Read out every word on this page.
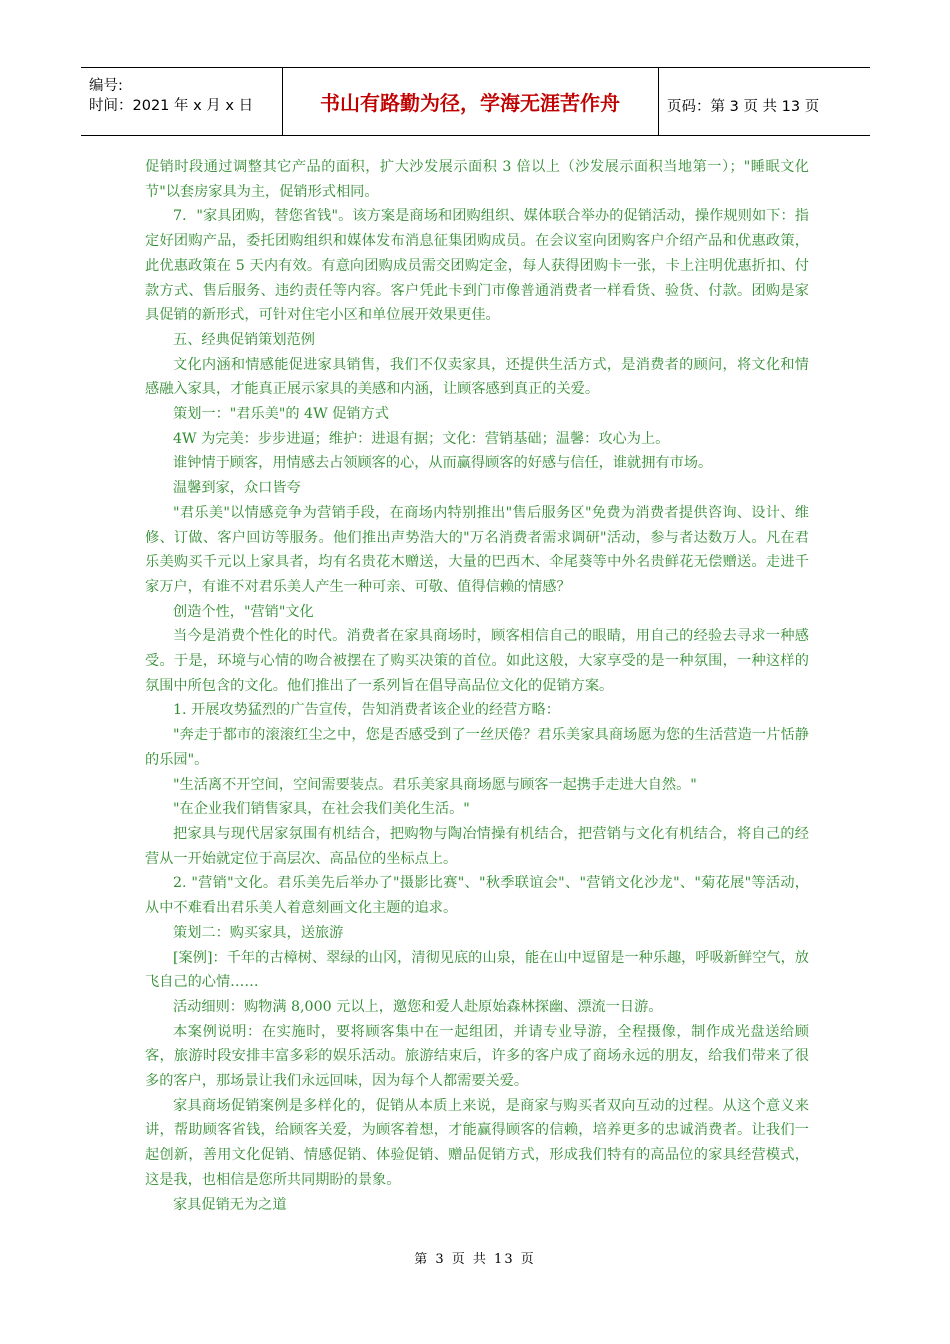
编号:
时间：2021 年 x 月 x 日	书山有路勤为径，学海无涯苦作舟	页码：第 3 页 共 13 页

促销时段通过调整其它产品的面积，扩大沙发展示面积 3 倍以上（沙发展示面积当地第一）；"睡眠文化节"以套房家具为主，促销形式相同。

7．"家具团购，替您省钱"。该方案是商场和团购组织、媒体联合举办的促销活动，操作规则如下：指定好团购产品，委托团购组织和媒体发布消息征集团购成员。在会议室向团购客户介绍产品和优惠政策，此优惠政策在 5 天内有效。有意向团购成员需交团购定金，每人获得团购卡一张，卡上注明优惠折扣、付款方式、售后服务、违约责任等内容。客户凭此卡到门市像普通消费者一样看货、验货、付款。团购是家具促销的新形式，可针对住宅小区和单位展开效果更佳。

五、经典促销策划范例

文化内涵和情感能促进家具销售，我们不仅卖家具，还提供生活方式，是消费者的顾问，将文化和情感融入家具，才能真正展示家具的美感和内涵，让顾客感到真正的关爱。

策划一："君乐美"的 4W 促销方式

4W 为完美：步步进逼；维护：进退有据；文化：营销基础；温馨：攻心为上。

谁钟情于顾客，用情感去占领顾客的心，从而赢得顾客的好感与信任，谁就拥有市场。

温馨到家，众口皆夸

"君乐美"以情感竞争为营销手段，在商场内特别推出"售后服务区"免费为消费者提供咨询、设计、维修、订做、客户回访等服务。他们推出声势浩大的"万名消费者需求调研"活动，参与者达数万人。凡在君乐美购买千元以上家具者，均有名贵花木赠送，大量的巴西木、伞尾葵等中外名贵鲜花无偿赠送。走进千家万户，有谁不对君乐美人产生一种可亲、可敬、值得信赖的情感？

创造个性，"营销"文化

当今是消费个性化的时代。消费者在家具商场时，顾客相信自己的眼睛，用自己的经验去寻求一种感受。于是，环境与心情的吻合被摆在了购买决策的首位。如此这般，大家享受的是一种氛围，一种这样的氛围中所包含的文化。他们推出了一系列旨在倡导高品位文化的促销方案。

1. 开展攻势猛烈的广告宣传，告知消费者该企业的经营方略：

"奔走于都市的滚滚红尘之中，您是否感受到了一丝厌倦？君乐美家具商场愿为您的生活营造一片恬静的乐园"。

"生活离不开空间，空间需要装点。君乐美家具商场愿与顾客一起携手走进大自然。"

"在企业我们销售家具，在社会我们美化生活。"

把家具与现代居家氛围有机结合，把购物与陶冶情操有机结合，把营销与文化有机结合，将自己的经营从一开始就定位于高层次、高品位的坐标点上。

2. "营销"文化。君乐美先后举办了"摄影比赛"、"秋季联谊会"、"营销文化沙龙"、"菊花展"等活动，从中不难看出君乐美人着意刻画文化主题的追求。

策划二：购买家具，送旅游

[案例]：千年的古樟树、翠绿的山冈，清彻见底的山泉，能在山中逗留是一种乐趣，呼吸新鲜空气，放飞自己的心情……

活动细则：购物满 8,000 元以上，邀您和爱人赴原始森林探幽、漂流一日游。

本案例说明：在实施时，要将顾客集中在一起组团，并请专业导游，全程摄像，制作成光盘送给顾客，旅游时段安排丰富多彩的娱乐活动。旅游结束后，许多的客户成了商场永远的朋友，给我们带来了很多的客户，那场景让我们永远回味，因为每个人都需要关爱。

家具商场促销案例是多样化的，促销从本质上来说，是商家与购买者双向互动的过程。从这个意义来讲，帮助顾客省钱，给顾客关爱，为顾客着想，才能赢得顾客的信赖，培养更多的忠诚消费者。让我们一起创新，善用文化促销、情感促销、体验促销、赠品促销方式，形成我们特有的高品位的家具经营模式，这是我，也相信是您所共同期盼的景象。

家具促销无为之道

第 3 页 共 13 页
